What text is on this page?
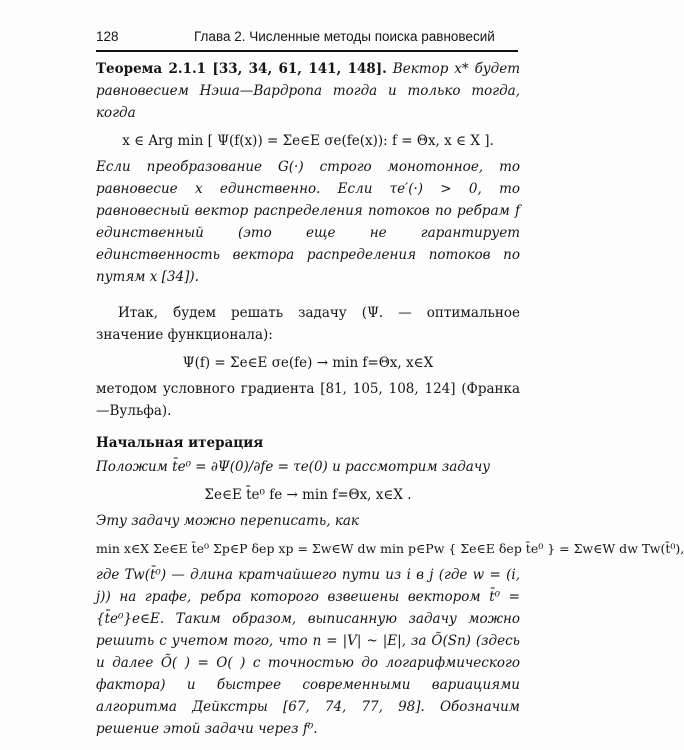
128	Глава 2. Численные методы поиска равновесий

Теорема 2.1.1 [33, 34, 61, 141, 148]. Вектор x* будет равновесием Нэша—Вардропа тогда и только тогда, когда

x ∈ Arg min [ Ψ(f(x)) = Σe∈E σe(fe(x)): f = Θx, x ∈ X ].

Если преобразование G(·) строго монотонное, то равновесие x единственно. Если τe′(·) > 0, то равновесный вектор распределения потоков по ребрам f единственный (это еще не гарантирует единственность вектора распределения потоков по путям x [34]).

Итак, будем решать задачу (Ψ. — оптимальное значение функционала):

Ψ(f) = Σe∈E σe(fe) → min f=Θx, x∈X

методом условного градиента [81, 105, 108, 124] (Франка—Вульфа).

Начальная итерация

Положим t̄e⁰ = ∂Ψ(0)/∂fe = τe(0) и рассмотрим задачу

Σe∈E t̄e⁰ fe → min f=Θx, x∈X .

Эту задачу можно переписать, как

min x∈X Σe∈E t̄e⁰ Σp∈P δep xp = Σw∈W dw min p∈Pw { Σe∈E δep t̄e⁰ } = Σw∈W dw Tw(t̄⁰),

где Tw(t̄⁰) — длина кратчайшего пути из i в j (где w = (i, j)) на графе, ребра которого взвешены вектором t̄⁰ = {t̄e⁰}e∈E. Таким образом, выписанную задачу можно решить с учетом того, что n = |V| ~ |E|, за Õ(Sn) (здесь и далее Õ( ) = O( ) с точностью до логарифмического фактора) и быстрее современными вариациями алгоритма Дейкстры [67, 74, 77, 98]. Обозначим решение этой задачи через f⁰.
